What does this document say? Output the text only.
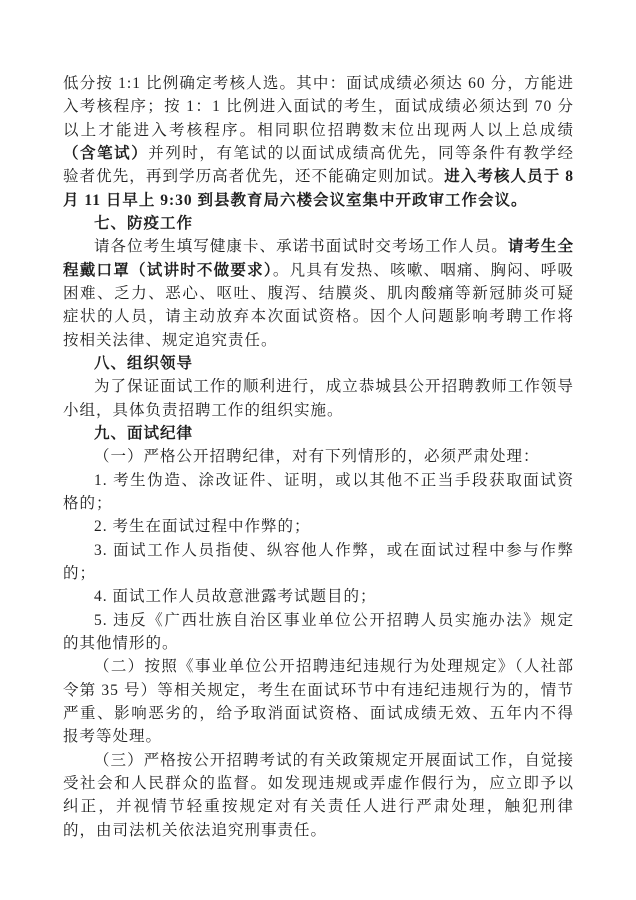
低分按 1:1 比例确定考核人选。其中：面试成绩必须达 60 分，方能进入考核程序；按 1：1 比例进入面试的考生，面试成绩必须达到 70 分以上才能进入考核程序。相同职位招聘数末位出现两人以上总成绩（含笔试）并列时，有笔试的以面试成绩高优先，同等条件有教学经验者优先，再到学历高者优先，还不能确定则加试。进入考核人员于 8 月 11 日早上 9:30 到县教育局六楼会议室集中开政审工作会议。

七、防疫工作

请各位考生填写健康卡、承诺书面试时交考场工作人员。请考生全程戴口罩（试讲时不做要求）。凡具有发热、咳嗽、咽痛、胸闷、呼吸困难、乏力、恶心、呕吐、腹泻、结膜炎、肌肉酸痛等新冠肺炎可疑症状的人员，请主动放弃本次面试资格。因个人问题影响考聘工作将按相关法律、规定追究责任。

八、组织领导

为了保证面试工作的顺利进行，成立恭城县公开招聘教师工作领导小组，具体负责招聘工作的组织实施。

九、面试纪律

（一）严格公开招聘纪律，对有下列情形的，必须严肃处理：

1. 考生伪造、涂改证件、证明，或以其他不正当手段获取面试资格的；

2. 考生在面试过程中作弊的；

3. 面试工作人员指使、纵容他人作弊，或在面试过程中参与作弊的；

4. 面试工作人员故意泄露考试题目的；

5. 违反《广西壮族自治区事业单位公开招聘人员实施办法》规定的其他情形的。

（二）按照《事业单位公开招聘违纪违规行为处理规定》（人社部令第 35 号）等相关规定，考生在面试环节中有违纪违规行为的，情节严重、影响恶劣的，给予取消面试资格、面试成绩无效、五年内不得报考等处理。

（三）严格按公开招聘考试的有关政策规定开展面试工作，自觉接受社会和人民群众的监督。如发现违规或弄虚作假行为，应立即予以纠正，并视情节轻重按规定对有关责任人进行严肃处理，触犯刑律的，由司法机关依法追究刑事责任。
